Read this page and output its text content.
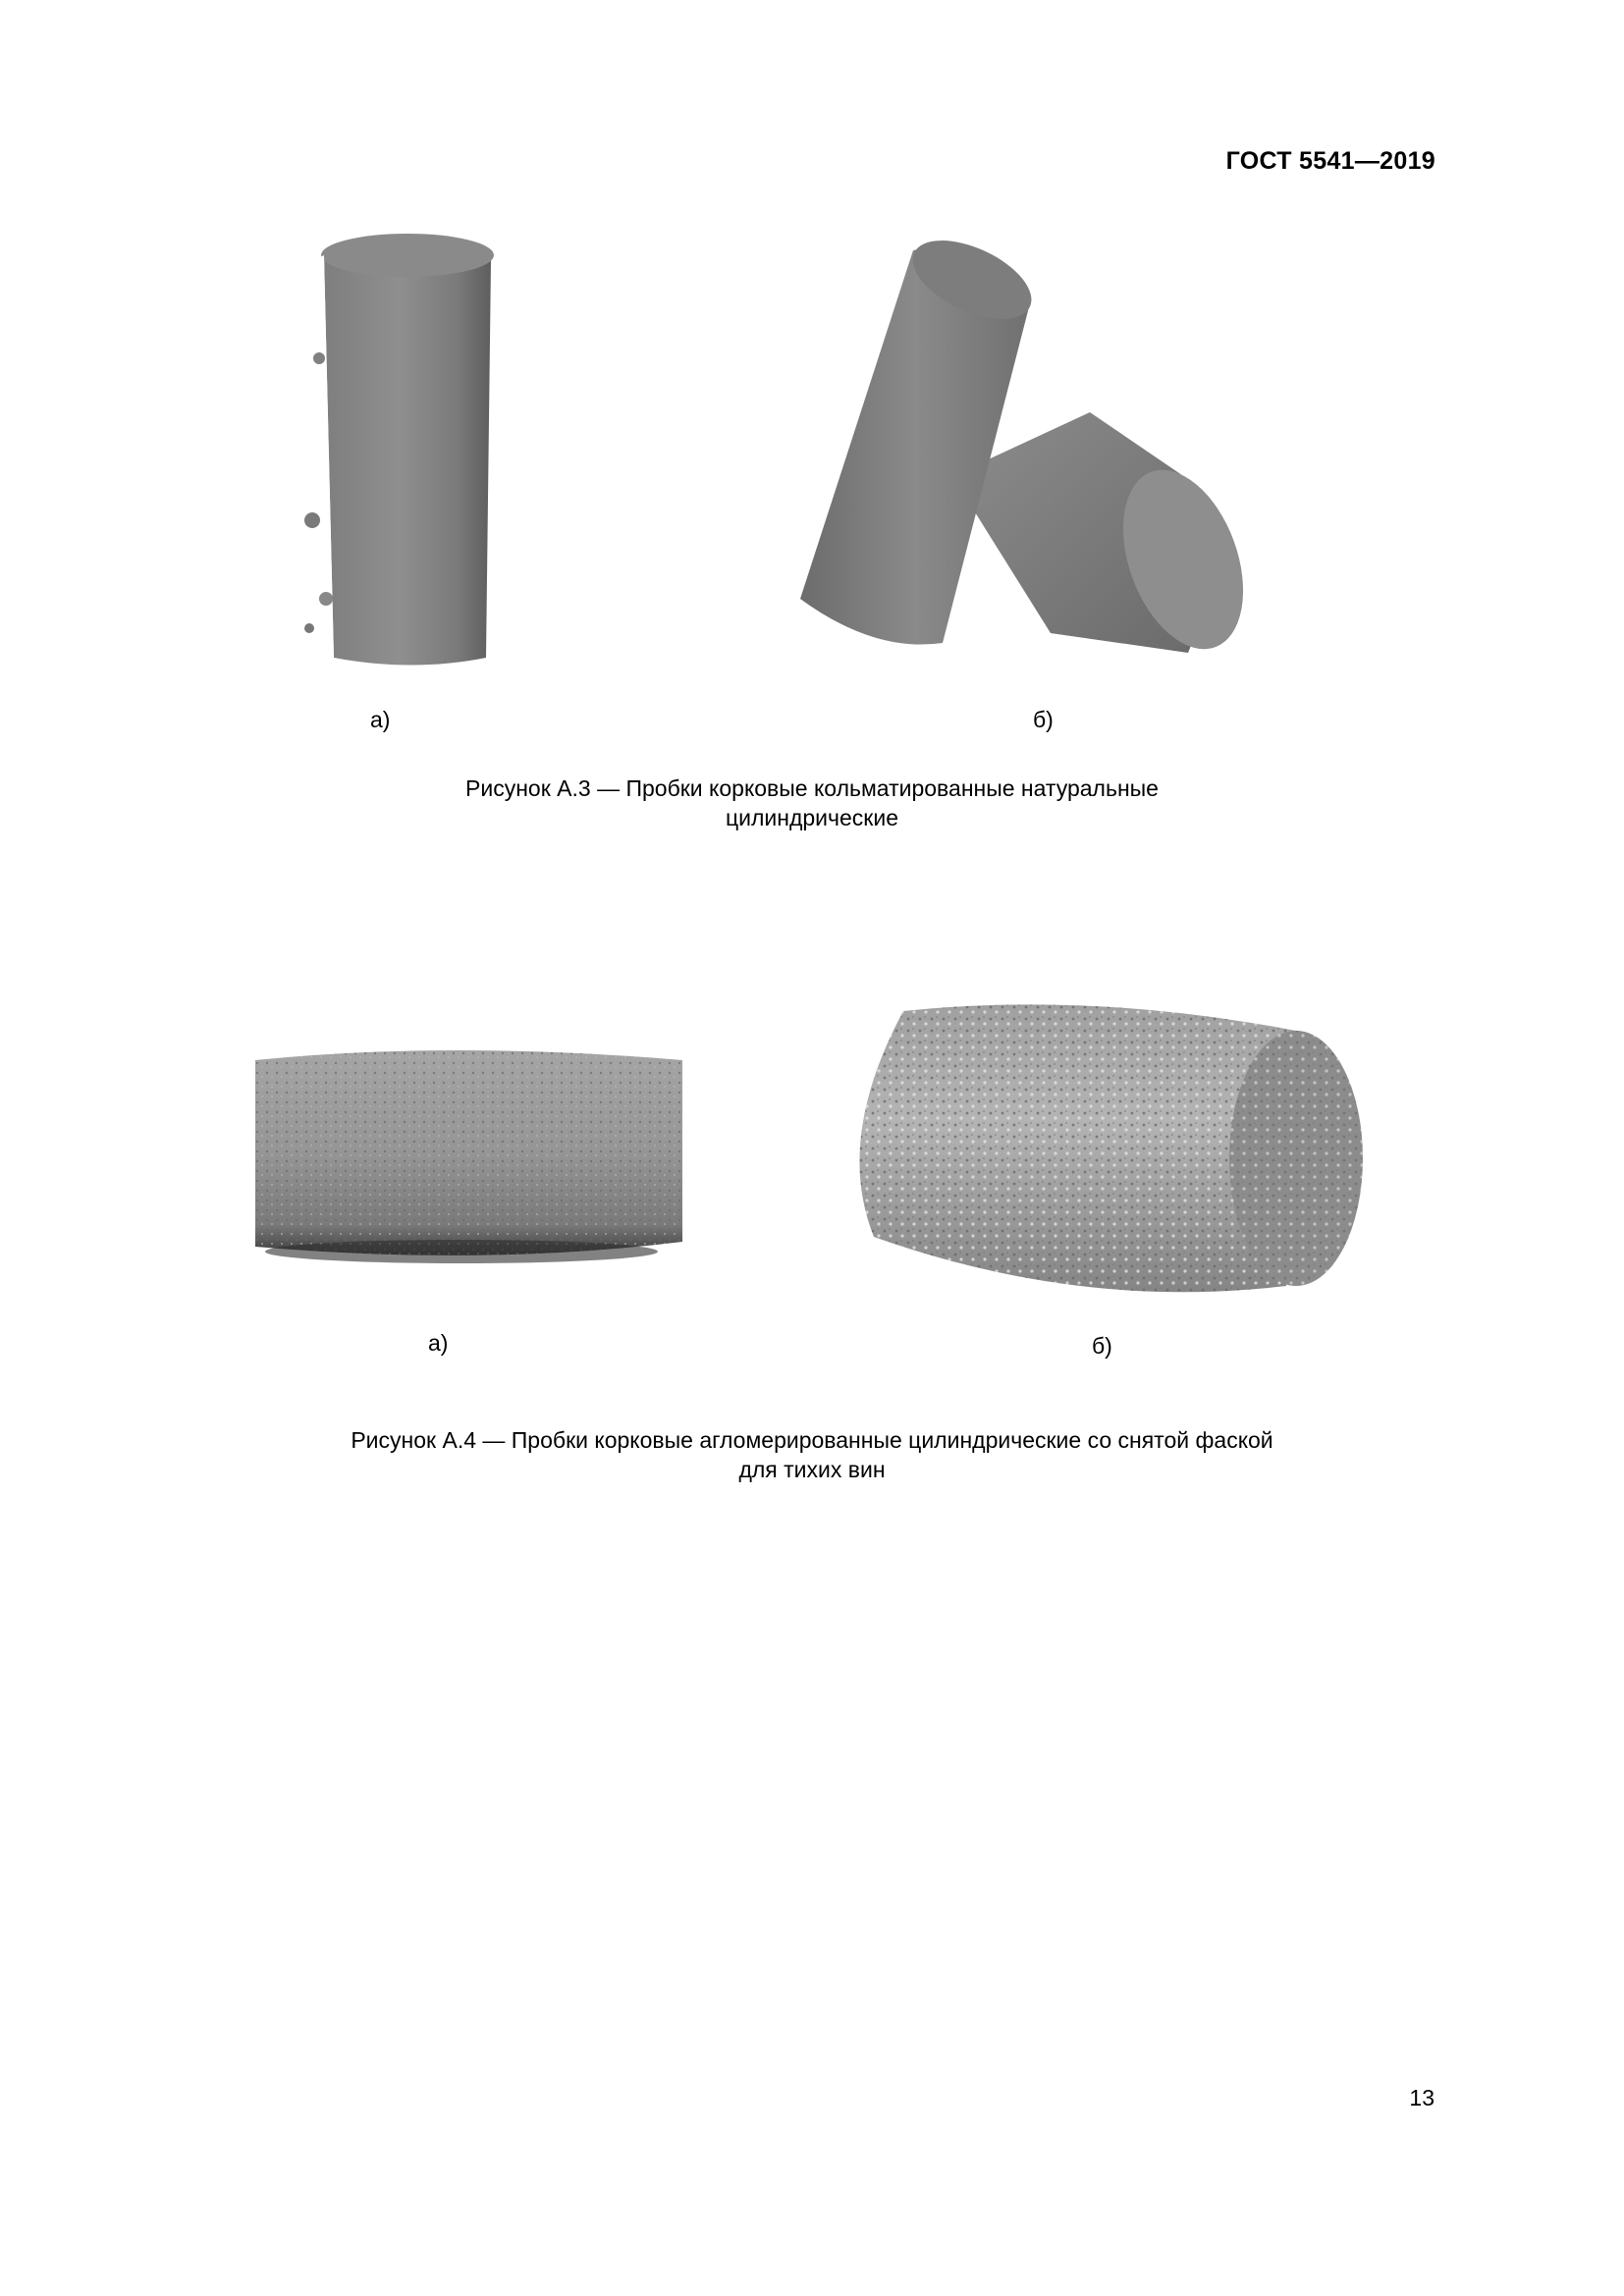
ГОСТ 5541—2019
а)	б)
Рисунок А.3 — Пробки корковые кольматированные натуральные
цилиндрические
а)	б)
Рисунок А.4 — Пробки корковые агломерированные цилиндрические со снятой фаской
для тихих вин
13
